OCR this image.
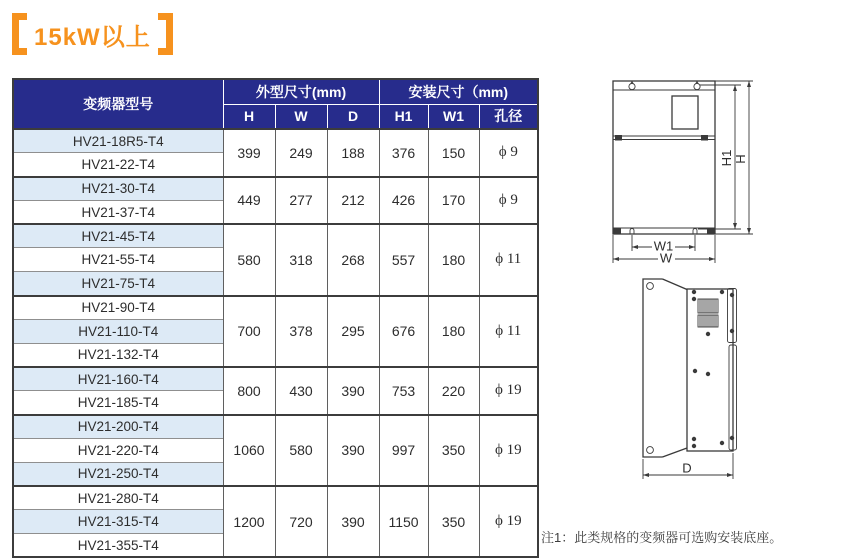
15kW以上
变频器型号	外型尺寸(mm)			安装尺寸（mm)		
	H	W	D	H1	W1	孔径
HV21-18R5-T4	399	249	188	376	150	ϕ 9
HV21-22-T4						
HV21-30-T4	449	277	212	426	170	ϕ 9
HV21-37-T4						
HV21-45-T4	580	318	268	557	180	ϕ 11
HV21-55-T4						
HV21-75-T4						
HV21-90-T4	700	378	295	676	180	ϕ 11
HV21-110-T4						
HV21-132-T4						
HV21-160-T4	800	430	390	753	220	ϕ 19
HV21-185-T4						
HV21-200-T4	1060	580	390	997	350	ϕ 19
HV21-220-T4						
HV21-250-T4						
HV21-280-T4	1200	720	390	1150	350	ϕ 19
HV21-315-T4						
HV21-355-T4						
H1 H
W1
W
D
注1：此类规格的变频器可选购安装底座。
